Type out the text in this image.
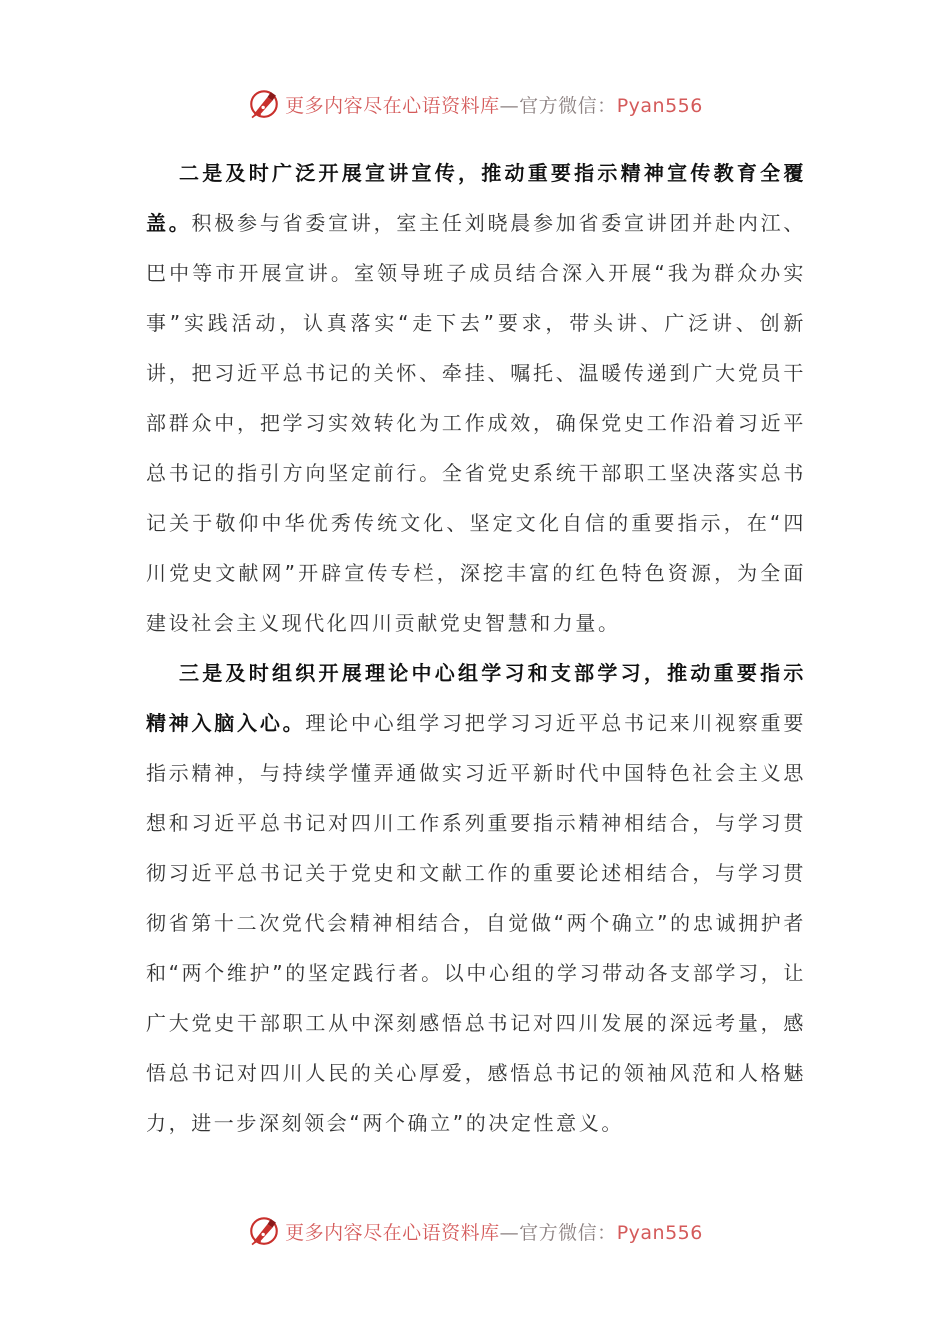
更多内容尽在心语资料库—官方微信：Pyan556

二是及时广泛开展宣讲宣传，推动重要指示精神宣传教育全覆盖。积极参与省委宣讲，室主任刘晓晨参加省委宣讲团并赴内江、巴中等市开展宣讲。室领导班子成员结合深入开展“我为群众办实事”实践活动，认真落实“走下去”要求，带头讲、广泛讲、创新讲，把习近平总书记的关怀、牵挂、嘱托、温暖传递到广大党员干部群众中，把学习实效转化为工作成效，确保党史工作沿着习近平总书记的指引方向坚定前行。全省党史系统干部职工坚决落实总书记关于敬仰中华优秀传统文化、坚定文化自信的重要指示，在“四川党史文献网”开辟宣传专栏，深挖丰富的红色特色资源，为全面建设社会主义现代化四川贡献党史智慧和力量。

三是及时组织开展理论中心组学习和支部学习，推动重要指示精神入脑入心。理论中心组学习把学习习近平总书记来川视察重要指示精神，与持续学懂弄通做实习近平新时代中国特色社会主义思想和习近平总书记对四川工作系列重要指示精神相结合，与学习贯彻习近平总书记关于党史和文献工作的重要论述相结合，与学习贯彻省第十二次党代会精神相结合，自觉做“两个确立”的忠诚拥护者和“两个维护”的坚定践行者。以中心组的学习带动各支部学习，让广大党史干部职工从中深刻感悟总书记对四川发展的深远考量，感悟总书记对四川人民的关心厚爱，感悟总书记的领袖风范和人格魅力，进一步深刻领会“两个确立”的决定性意义。

更多内容尽在心语资料库—官方微信：Pyan556
